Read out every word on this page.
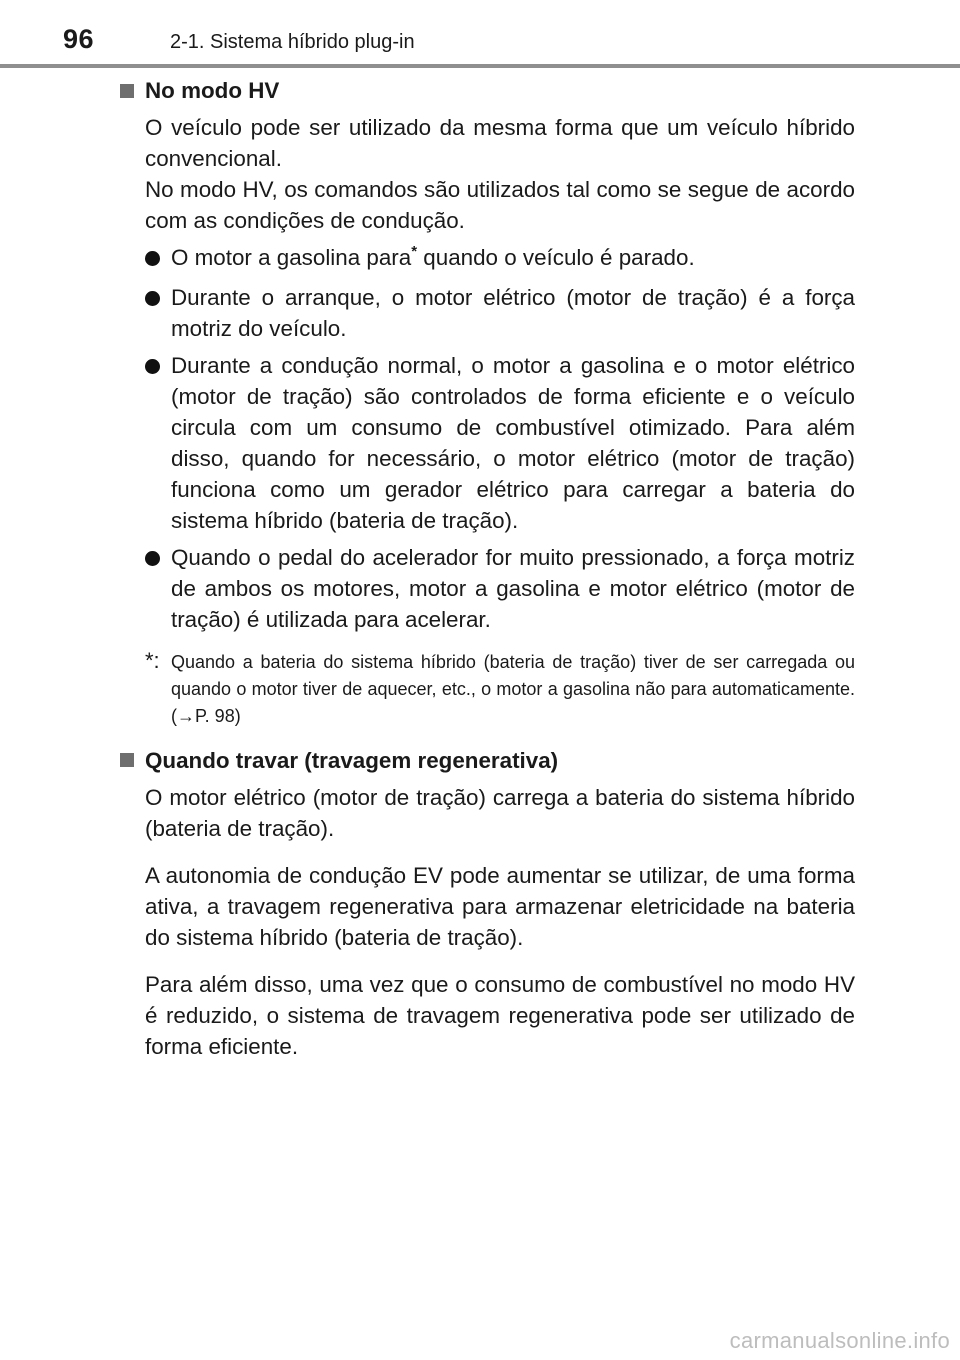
96	2-1. Sistema híbrido plug-in
No modo HV
O veículo pode ser utilizado da mesma forma que um veículo híbrido convencional.
No modo HV, os comandos são utilizados tal como se segue de acordo com as condições de condução.
O motor a gasolina para* quando o veículo é parado.
Durante o arranque, o motor elétrico (motor de tração) é a força motriz do veículo.
Durante a condução normal, o motor a gasolina e o motor elétrico (motor de tração) são controlados de forma eficiente e o veículo circula com um consumo de combustível otimizado. Para além disso, quando for necessário, o motor elétrico (motor de tração) funciona como um gerador elétrico para carregar a bateria do sistema híbrido (bateria de tração).
Quando o pedal do acelerador for muito pressionado, a força motriz de ambos os motores, motor a gasolina e motor elétrico (motor de tração) é utilizada para acelerar.
*: Quando a bateria do sistema híbrido (bateria de tração) tiver de ser carregada ou quando o motor tiver de aquecer, etc., o motor a gasolina não para automaticamente. (→P. 98)
Quando travar (travagem regenerativa)
O motor elétrico (motor de tração) carrega a bateria do sistema híbrido (bateria de tração).
A autonomia de condução EV pode aumentar se utilizar, de uma forma ativa, a travagem regenerativa para armazenar eletricidade na bateria do sistema híbrido (bateria de tração).
Para além disso, uma vez que o consumo de combustível no modo HV é reduzido, o sistema de travagem regenerativa pode ser utilizado de forma eficiente.
carmanualsonline.info
